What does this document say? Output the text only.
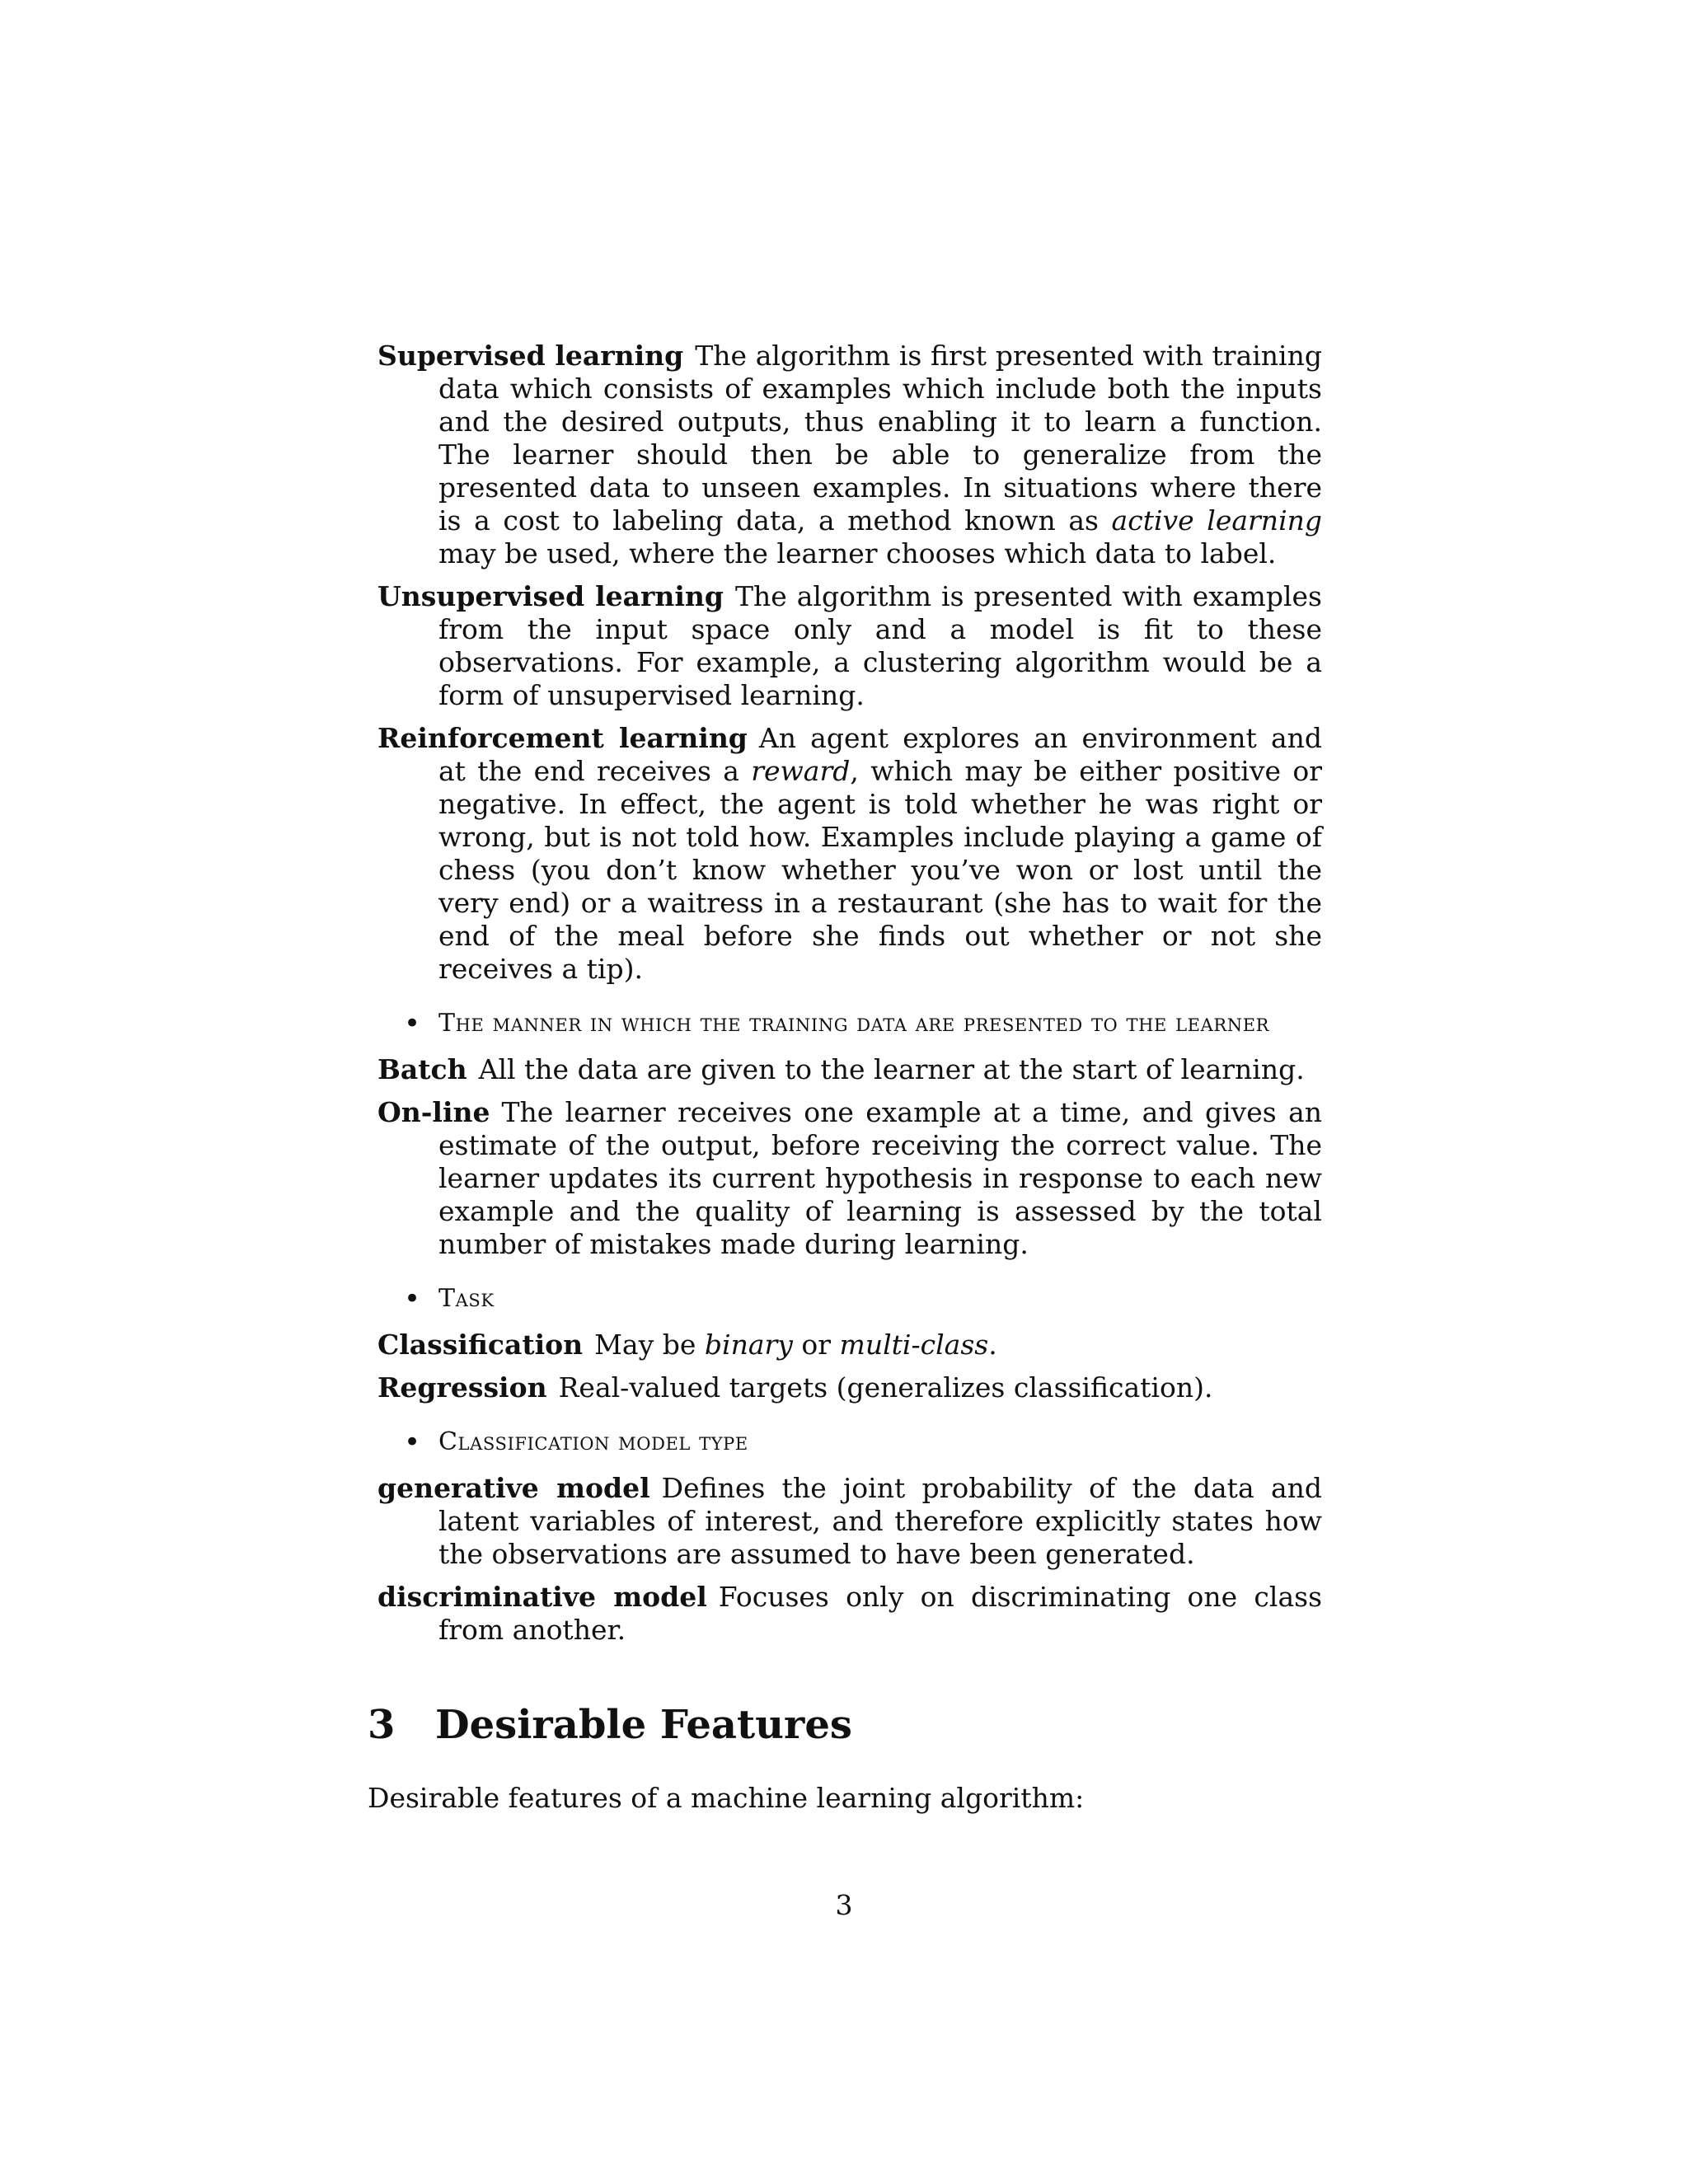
Supervised learning The algorithm is first presented with training data which consists of examples which include both the inputs and the desired outputs, thus enabling it to learn a function. The learner should then be able to generalize from the presented data to unseen examples. In situations where there is a cost to labeling data, a method known as active learning may be used, where the learner chooses which data to label.

Unsupervised learning The algorithm is presented with examples from the input space only and a model is fit to these observations. For example, a clustering algorithm would be a form of unsupervised learning.

Reinforcement learning An agent explores an environment and at the end receives a reward, which may be either positive or negative. In effect, the agent is told whether he was right or wrong, but is not told how. Examples include playing a game of chess (you don’t know whether you’ve won or lost until the very end) or a waitress in a restaurant (she has to wait for the end of the meal before she finds out whether or not she receives a tip).

• The manner in which the training data are presented to the learner

Batch All the data are given to the learner at the start of learning.

On-line The learner receives one example at a time, and gives an estimate of the output, before receiving the correct value. The learner updates its current hypothesis in response to each new example and the quality of learning is assessed by the total number of mistakes made during learning.

• Task

Classification May be binary or multi-class.

Regression Real-valued targets (generalizes classification).

• Classification model type

generative model Defines the joint probability of the data and latent variables of interest, and therefore explicitly states how the observations are assumed to have been generated.

discriminative model Focuses only on discriminating one class from another.

3 Desirable Features

Desirable features of a machine learning algorithm:

3
